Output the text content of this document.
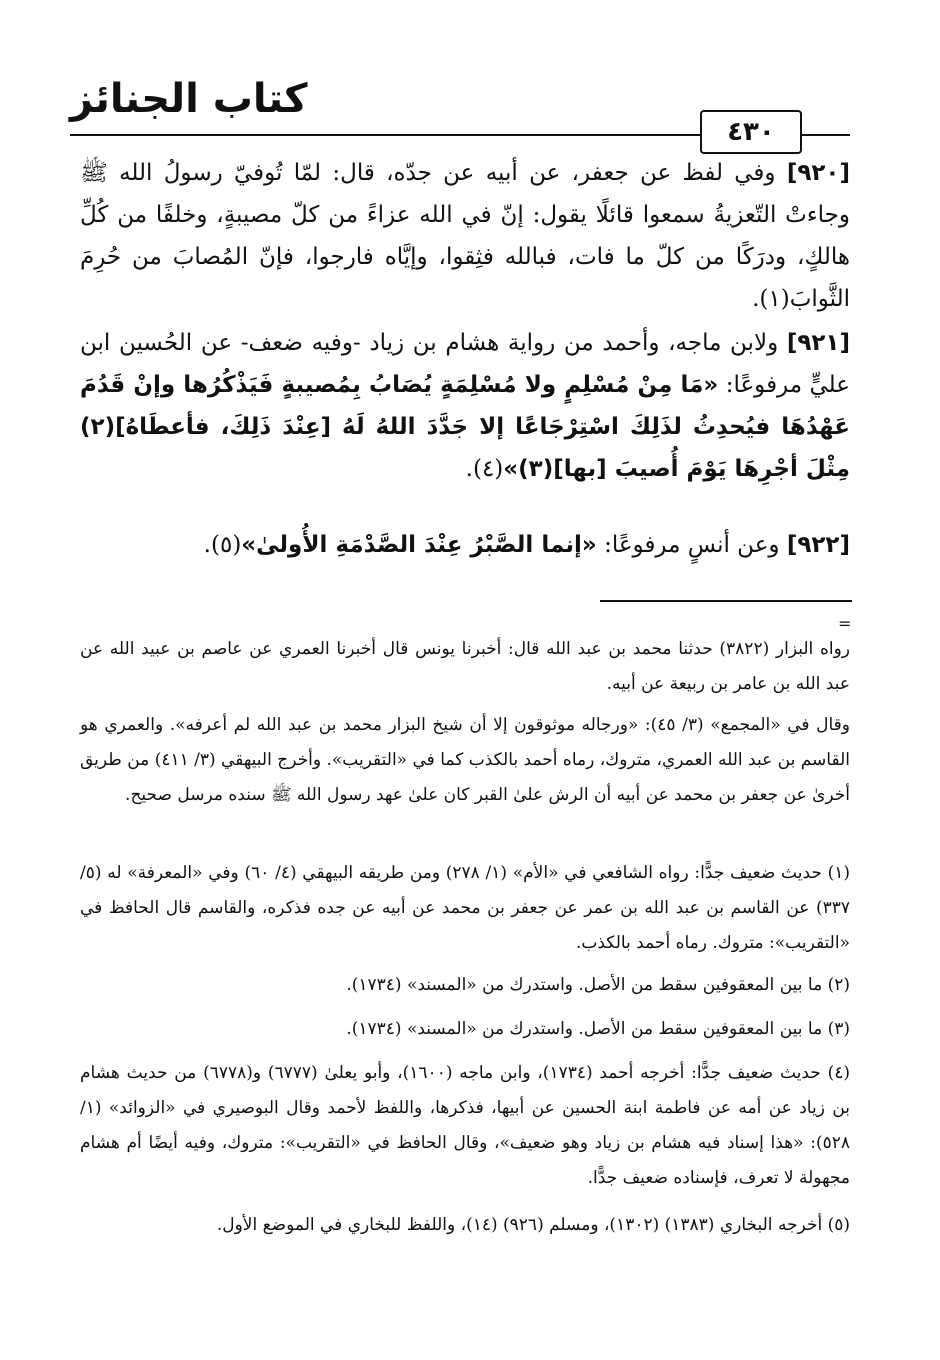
كتاب الجنائز
٤٣٠

[٩٢٠] وفي لفظ عن جعفر، عن أبيه عن جدّه، قال: لمّا تُوفيّ رسولُ الله ﷺ وجاءتْ التّعزيةُ سمعوا قائلًا يقول: إنّ في الله عزاءً من كلّ مصيبةٍ، وخلفًا من كُلِّ هالكٍ، ودرَكًا من كلّ ما فات، فبالله فثِقوا، وإيَّاه فارجوا، فإنّ المُصابَ من حُرِمَ الثَّوابَ(١).

[٩٢١] ولابن ماجه، وأحمد من رواية هشام بن زياد -وفيه ضعف- عن الحُسين ابن عليٍّ مرفوعًا: «مَا مِنْ مُسْلِمٍ ولا مُسْلِمَةٍ يُصَابُ بِمُصيبةٍ فَيَذْكُرُها وإنْ قَدُمَ عَهْدُهَا فيُحدِثُ لذَلِكَ اسْتِرْجَاعًا إلا جَدَّدَ اللهُ لَهُ [عِنْدَ ذَلِكَ، فأعطَاهُ](٢) مِثْلَ أجْرِهَا يَوْمَ أُصيبَ [بها](٣)»(٤).

[٩٢٢] وعن أنسٍ مرفوعًا: «إنما الصَّبْرُ عِنْدَ الصَّدْمَةِ الأُولىٰ»(٥).

=

رواه البزار (٣٨٢٢) حدثنا محمد بن عبد الله قال: أخبرنا يونس قال أخبرنا العمري عن عاصم بن عبيد الله عن عبد الله بن عامر بن ربيعة عن أبيه.

وقال في «المجمع» (٣/ ٤٥): «ورجاله موثوقون إلا أن شيخ البزار محمد بن عبد الله لم أعرفه». والعمري هو القاسم بن عبد الله العمري، متروك، رماه أحمد بالكذب كما في «التقريب». وأخرج البيهقي (٣/ ٤١١) من طريق أخرىٰ عن جعفر بن محمد عن أبيه أن الرش علىٰ القبر كان علىٰ عهد رسول الله ﷺ سنده مرسل صحيح.

(١) حديث ضعيف جدًّا: رواه الشافعي في «الأم» (١/ ٢٧٨) ومن طريقه البيهقي (٤/ ٦٠) وفي «المعرفة» له (٥/ ٣٣٧) عن القاسم بن عبد الله بن عمر عن جعفر بن محمد عن أبيه عن جده فذكره، والقاسم قال الحافظ في «التقريب»: متروك. رماه أحمد بالكذب.

(٢) ما بين المعقوفين سقط من الأصل. واستدرك من «المسند» (١٧٣٤).

(٣) ما بين المعقوفين سقط من الأصل. واستدرك من «المسند» (١٧٣٤).

(٤) حديث ضعيف جدًّا: أخرجه أحمد (١٧٣٤)، وابن ماجه (١٦٠٠)، وأبو يعلىٰ (٦٧٧٧) و(٦٧٧٨) من حديث هشام بن زياد عن أمه عن فاطمة ابنة الحسين عن أبيها، فذكرها، واللفظ لأحمد وقال البوصيري في «الزوائد» (١/ ٥٢٨): «هذا إسناد فيه هشام بن زياد وهو ضعيف»، وقال الحافظ في «التقريب»: متروك، وفيه أيضًا أم هشام مجهولة لا تعرف، فإسناده ضعيف جدًّا.

(٥) أخرجه البخاري (١٣٨٣) (١٣٠٢)، ومسلم (٩٢٦) (١٤)، واللفظ للبخاري في الموضع الأول.
